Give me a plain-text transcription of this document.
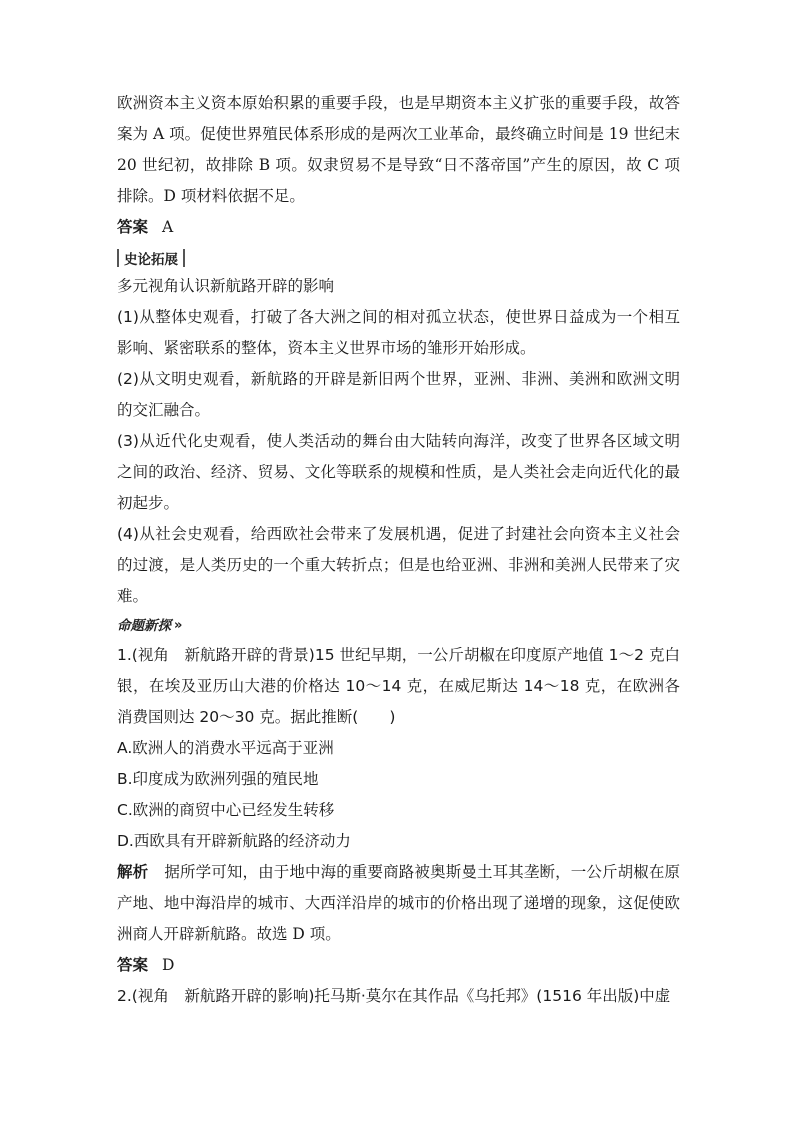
欧洲资本主义资本原始积累的重要手段，也是早期资本主义扩张的重要手段，故答案为 A 项。促使世界殖民体系形成的是两次工业革命，最终确立时间是 19 世纪末 20 世纪初，故排除 B 项。奴隶贸易不是导致“日不落帝国”产生的原因，故 C 项排除。D 项材料依据不足。

答案 A

史论拓展

多元视角认识新航路开辟的影响

(1)从整体史观看，打破了各大洲之间的相对孤立状态，使世界日益成为一个相互影响、紧密联系的整体，资本主义世界市场的雏形开始形成。

(2)从文明史观看，新航路的开辟是新旧两个世界，亚洲、非洲、美洲和欧洲文明的交汇融合。

(3)从近代化史观看，使人类活动的舞台由大陆转向海洋，改变了世界各区域文明之间的政治、经济、贸易、文化等联系的规模和性质，是人类社会走向近代化的最初起步。

(4)从社会史观看，给西欧社会带来了发展机遇，促进了封建社会向资本主义社会的过渡，是人类历史的一个重大转折点；但是也给亚洲、非洲和美洲人民带来了灾难。

命题新探 »

1.(视角　新航路开辟的背景)15 世纪早期，一公斤胡椒在印度原产地值 1～2 克白银，在埃及亚历山大港的价格达 10～14 克，在威尼斯达 14～18 克，在欧洲各消费国则达 20～30 克。据此推断(　　)

A.欧洲人的消费水平远高于亚洲

B.印度成为欧洲列强的殖民地

C.欧洲的商贸中心已经发生转移

D.西欧具有开辟新航路的经济动力

解析 据所学可知，由于地中海的重要商路被奥斯曼土耳其垄断，一公斤胡椒在原产地、地中海沿岸的城市、大西洋沿岸的城市的价格出现了递增的现象，这促使欧洲商人开辟新航路。故选 D 项。

答案 D

2.(视角　新航路开辟的影响)托马斯·莫尔在其作品《乌托邦》(1516 年出版)中虚
